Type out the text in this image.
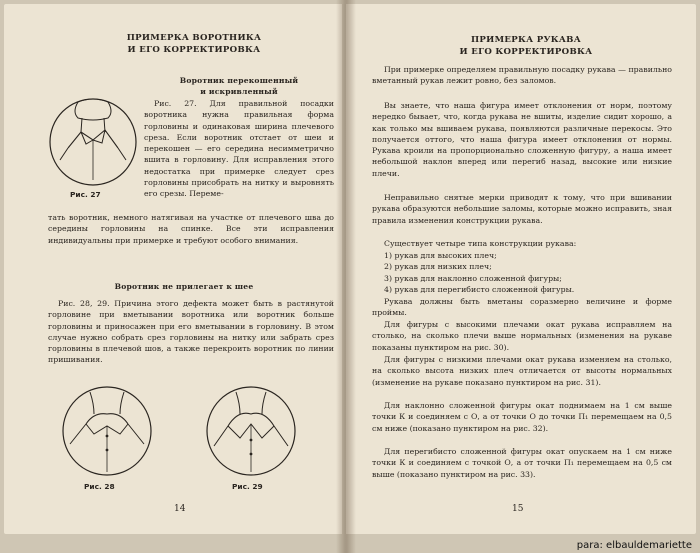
ПРИМЕРКА ВОРОТНИКА
И ЕГО КОРРЕКТИРОВКА
Воротник перекошенный
и искривленный
Рис. 27

Рис. 27. Для правильной посадки воротника нужна правильная форма горловины и одинаковая ширина плечевого среза. Если воротник отстает от шеи и перекошен — его середина несимметрично вшита в горловину. Для исправления этого недостатка при примерке следует срез горловины присобрать на нитку и выровнять его срезы. Переме-

тать воротник, немного натягивая на участке от плечевого шва до середины горловины на спинке. Все эти исправления индивидуальны при примерке и требуют особого внимания.

Воротник не прилегает к шее

Рис. 28, 29. Причина этого дефекта может быть в растянутой горловине при вметывании воротника или воротник больше горловины и приносажен при его вметывании в горловину. В этом случае нужно собрать срез горловины на нитку или забрать срез горловины в плечевой шов, а также перекроить воротник по линии пришивания.

Рис. 28	Рис. 29
14
ПРИМЕРКА РУКАВА
И ЕГО КОРРЕКТИРОВКА

При примерке определяем правильную посадку рукава — правильно вметанный рукав лежит ровно, без заломов.

Вы знаете, что наша фигура имеет отклонения от норм, поэтому нередко бывает, что, когда рукава не вшиты, изделие сидит хорошо, а как только мы вшиваем рукава, появляются различные перекосы. Это получается оттого, что наша фигура имеет отклонения от нормы. Рукава кроили на пропорционально сложенную фигуру, а наша имеет небольшой наклон вперед или перегиб назад, высокие или низкие плечи.

Неправильно снятые мерки приводят к тому, что при вшивании рукава образуются небольшие заломы, которые можно исправить, зная правила изменения конструкции рукава.

Существует четыре типа конструкции рукава:

1) рукав для высоких плеч;
2) рукав для низких плеч;
3) рукав для наклонно сложенной фигуры;
4) рукав для перегибисто сложенной фигуры.

Рукава должны быть вметаны соразмерно величине и форме проймы.

Для фигуры с высокими плечами окат рукава исправляем на столько, на сколько плечи выше нормальных (изменения на рукаве показаны пунктиром на рис. 30).

Для фигуры с низкими плечами окат рукава изменяем на столько, на сколько высота низких плеч отличается от высоты нормальных (изменение на рукаве показано пунктиром на рис. 31).

Для наклонно сложенной фигуры окат поднимаем на 1 см выше точки К и соединяем с О, а от точки О до точки П₁ перемещаем на 0,5 см ниже (показано пунктиром на рис. 32).

Для перегибисто сложенной фигуры окат опускаем на 1 см ниже точки К и соединяем с точкой О, а от точки П₁ перемещаем на 0,5 см выше (показано пунктиром на рис. 33).

15
para: elbauldemariette
